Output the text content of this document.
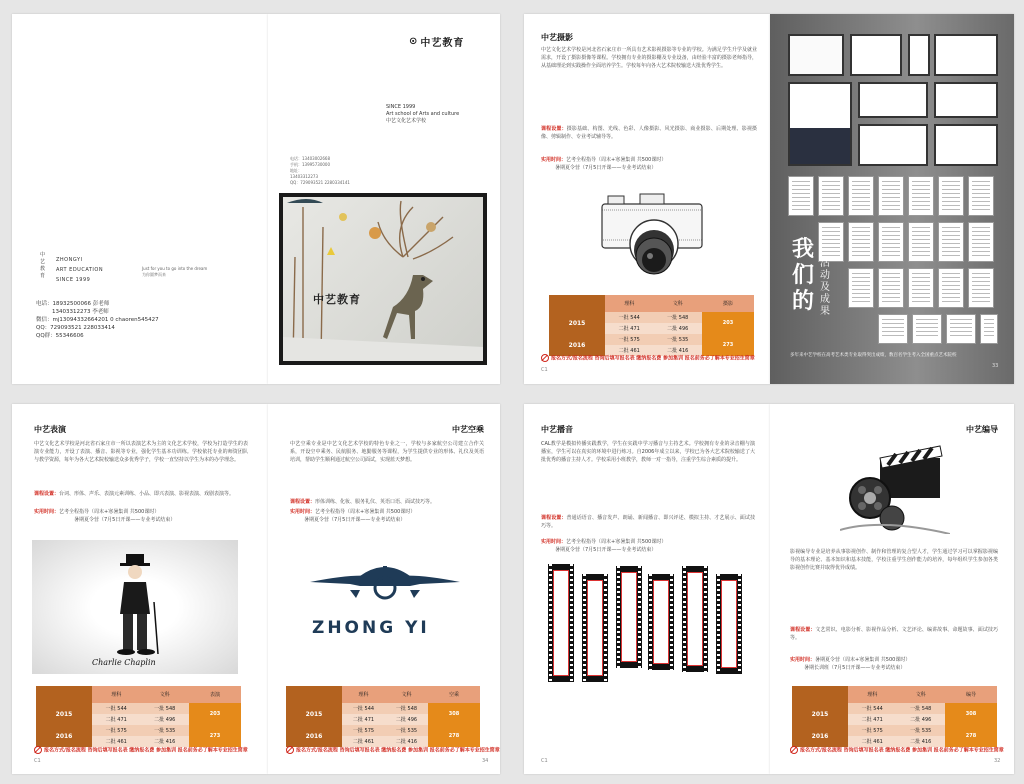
⊙ 中艺教育
SINCE 1999
Art school of Arts and culture
中艺文化艺术学校
电话：13403002668
手机：13995730000
地址：
13403312273
QQ：729093521 2280334141
中艺教育
ZHONGYI
ART EDUCATION
SINCE 1999
Just for you to go into the dream
为你圆梦而来
电话：18932500066 彭老师
13403312273 李老师
微信：mj13094332664201 0 chaoren545427
QQ：729093521 228033414
QQ群：55346606
中艺教育
中艺摄影
中艺文化艺术学校是河北省石家庄市一所具有艺术影视摄影等专业的学校。为满足学生升学及就业需求，开设了摄影摄像等课程。学校拥有专业的摄影棚及专业设备，由经验丰富的摄影老师指导，从基础理论到实践操作全面培养学生。学校每年向各大艺术院校输送大批优秀学生。
课程设置：摄影基础、构图、光线、色彩、人像摄影、风光摄影、商业摄影、后期处理、影视摄像、剪辑制作、专业考试辅导等。
实用时间：艺考全程指导（周末+寒暑集训 共500课时）
暑期夏令营（7月5日开课——专业考试结束）
	理科	文科	摄影
2015	一批 544	一批 548	203
	二批 471	二批 496	
2016	一批 575	一批 535	273
	二批 461	二批 416	
报名方式/报名流程 咨询后填写报名表 缴纳报名费 参加集训 报名前务必了解本专业招生简章
C1
我们的
活动及成果
多年来中艺学校在高考艺术类专业取得突出成绩，数百名学生考入全国重点艺术院校
33
中艺表演
中艺文化艺术学校是河北省石家庄市一所以表演艺术为主的文化艺术学校，学校为打造学生的表演专业能力，开设了表演、播音、影视等专业，强化学生基本功训练。学校依托专业的师资团队与教学资源，每年为各大艺术院校输送众多优秀学子，学校一直坚持以学生为本的办学理念。
课程设置：台词、形体、声乐、表演元素训练、小品、即兴表演、影视表演、戏剧表演等。
实用时间：艺考全程指导（周末+寒暑集训 共500课时）
暑期夏令营（7月5日开课——专业考试结束）
Charlie Chaplin
	理科	文科	表演
2015	一批 544	一批 548	203
	二批 471	二批 496	
2016	一批 575	一批 535	273
	二批 461	二批 416	
报名方式/报名流程 咨询后填写报名表 缴纳报名费 参加集训 报名前务必了解本专业招生简章
C1
中艺空乘
中艺空乘专业是中艺文化艺术学校的特色专业之一，学校与多家航空公司建立合作关系，开设空中乘务、民航服务、地勤服务等课程，为学生提供专业的形体、礼仪及英语培训，帮助学生顺利通过航空公司面试，实现蓝天梦想。
课程设置：形体训练、化妆、服务礼仪、英语口语、面试技巧等。
实用时间：艺考全程指导（周末+寒暑集训 共500课时）
暑期夏令营（7月5日开课——专业考试结束）
ZHONG YI
	理科	文科	空乘
2015	一批 544	一批 548	308
	二批 471	二批 496	
2016	一批 575	一批 535	278
	二批 461	二批 416	
报名方式/报名流程 咨询后填写报名表 缴纳报名费 参加集训 报名前务必了解本专业招生简章
34
中艺播音
CAL教学是模拟传播实践教学，学生在实践中学习播音与主持艺术。学校拥有专业的录音棚与演播室，学生可以在真实的环境中进行练习。自2006年成立以来，学校已为各大艺术院校输送了大批优秀的播音主持人才。学校采用小班教学，教师一对一指导，注重学生综合素质的提升。
课程设置：普通话语音、播音发声、朗诵、新闻播音、即兴评述、模拟主持、才艺展示、面试技巧等。
实用时间：艺考全程指导（周末+寒暑集训 共500课时）
暑期夏令营（7月5日开课——专业考试结束）
C1
中艺编导
影视编导专业是培养从事影视创作、制作和管理的复合型人才，学生通过学习可以掌握影视编导的基本理论、基本知识和基本技能，学校注重学生创作能力的培养，每年组织学生参加各类影视创作比赛并取得优异成绩。
课程设置：文艺常识、电影分析、影视作品分析、文艺评论、编讲故事、命题故事、面试技巧等。
实用时间：暑期夏令营（周末+寒暑集训 共500课时）
暑期长训班（7月5日开课——专业考试结束）
	理科	文科	编导
2015	一批 544	一批 548	308
	二批 471	二批 496	
2016	一批 575	一批 535	278
	二批 461	二批 416	
报名方式/报名流程 咨询后填写报名表 缴纳报名费 参加集训 报名前务必了解本专业招生简章
32
